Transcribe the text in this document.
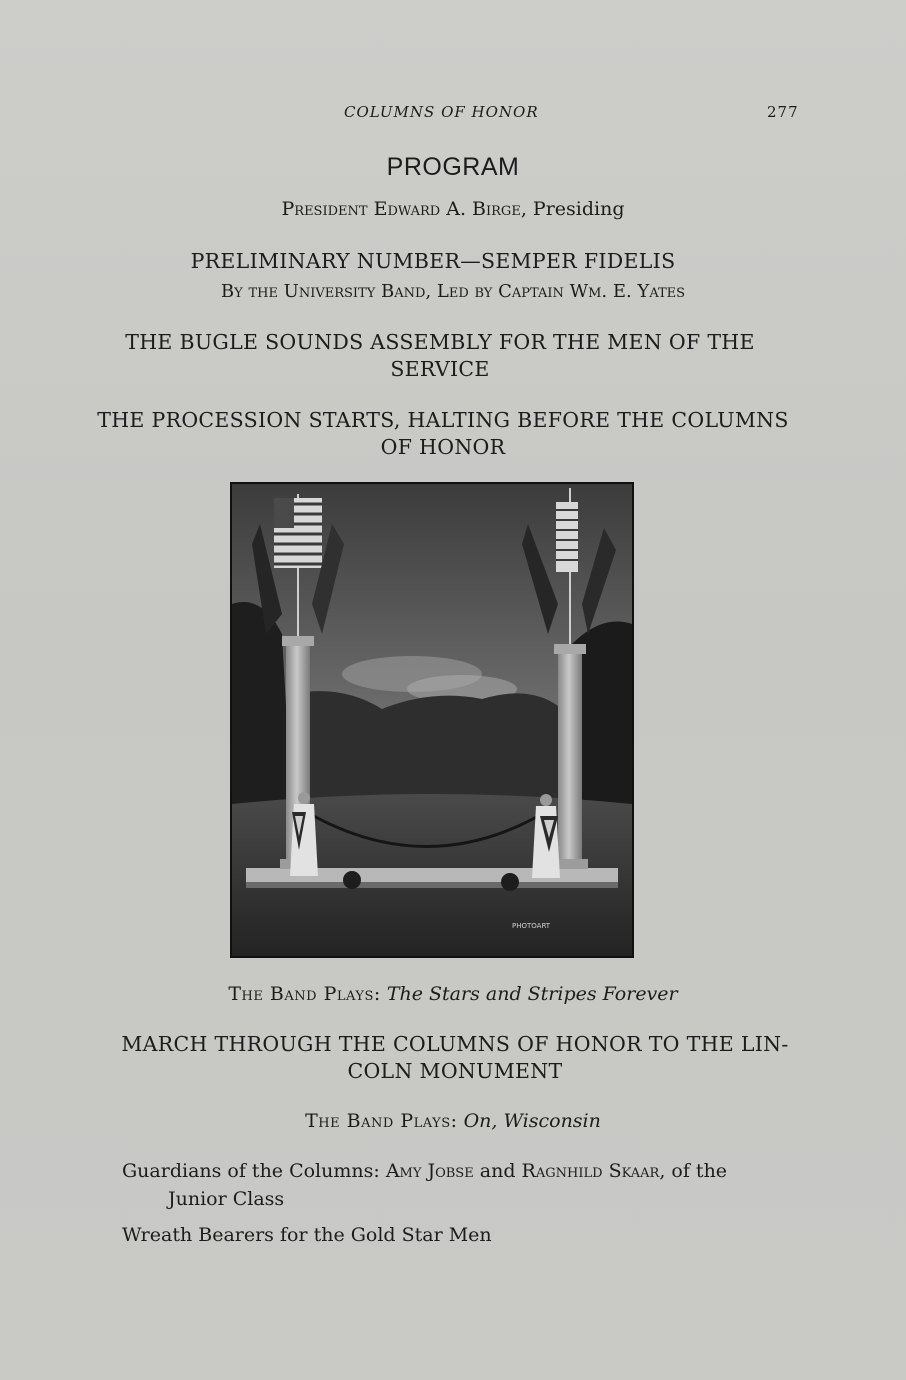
COLUMNS OF HONOR	277
PROGRAM
President Edward A. Birge, Presiding
PRELIMINARY NUMBER—SEMPER FIDELIS
By the University Band, Led by Captain Wm. E. Yates
THE BUGLE SOUNDS ASSEMBLY FOR THE MEN OF THE
SERVICE
THE PROCESSION STARTS, HALTING BEFORE THE COLUMNS
OF HONOR
PHOTOART
The Band Plays: The Stars and Stripes Forever
MARCH THROUGH THE COLUMNS OF HONOR TO THE LIN-
COLN MONUMENT
The Band Plays: On, Wisconsin
Guardians of the Columns: Amy Jobse and Ragnhild Skaar, of the
Junior Class
Wreath Bearers for the Gold Star Men
